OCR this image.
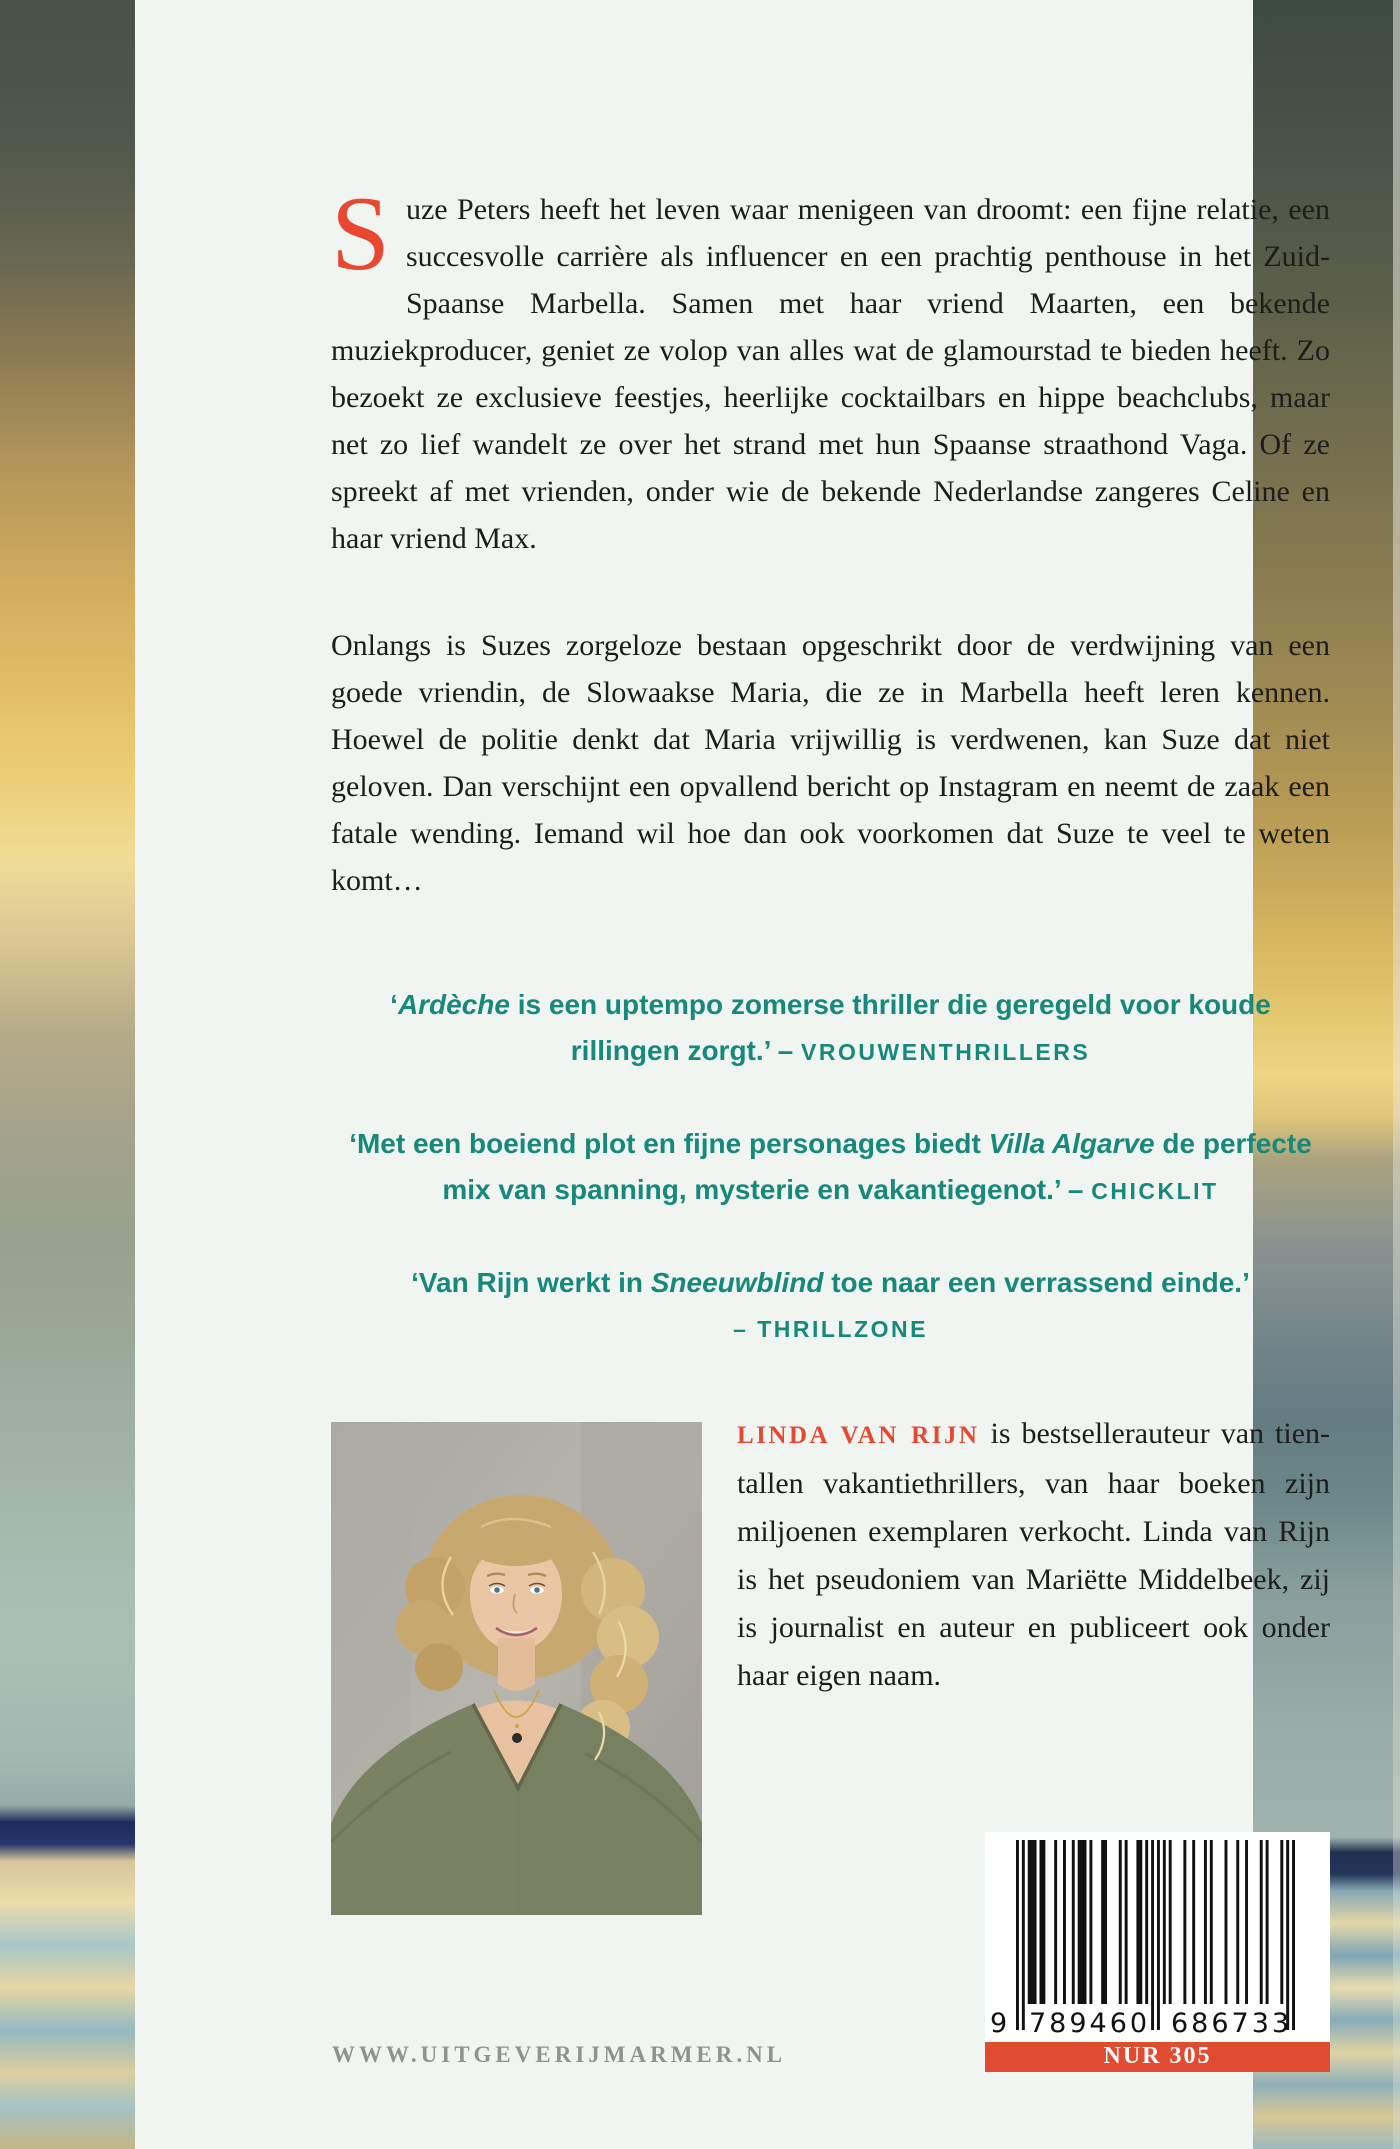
Suze Peters heeft het leven waar menigeen van droomt: een fijne relatie, een succesvolle carrière als influencer en een prachtig penthouse in het Zuid-Spaanse Marbella. Samen met haar vriend Maarten, een bekende muziekproducer, geniet ze volop van alles wat de glamourstad te bieden heeft. Zo bezoekt ze exclusieve feestjes, heerlijke cocktailbars en hippe beachclubs, maar net zo lief wandelt ze over het strand met hun Spaanse straathond Vaga. Of ze spreekt af met vrienden, onder wie de bekende Nederlandse zangeres Celine en haar vriend Max.

Onlangs is Suzes zorgeloze bestaan opgeschrikt door de verdwijning van een goede vriendin, de Slowaakse Maria, die ze in Marbella heeft leren kennen. Hoewel de politie denkt dat Maria vrijwillig is verdwenen, kan Suze dat niet geloven. Dan verschijnt een opvallend bericht op Instagram en neemt de zaak een fatale wending. Iemand wil hoe dan ook voorkomen dat Suze te veel te weten komt…

‘Ardèche is een uptempo zomerse thriller die geregeld voor koude rillingen zorgt.’ – VROUWENTHRILLERS
‘Met een boeiend plot en fijne personages biedt Villa Algarve de perfecte mix van spanning, mysterie en vakantiegenot.’ – CHICKLIT
‘Van Rijn werkt in Sneeuwblind toe naar een verrassend einde.’
– THRILLZONE

LINDA VAN RIJN is bestsellerauteur van tientallen vakantiethrillers, van haar boeken zijn miljoenen exemplaren verkocht. Linda van Rijn is het pseudoniem van Mariëtte Middelbeek, zij is journalist en auteur en publiceert ook onder haar eigen naam.

WWW.UITGEVERIJMARMER.NL
9 789460 686733
NUR 305
